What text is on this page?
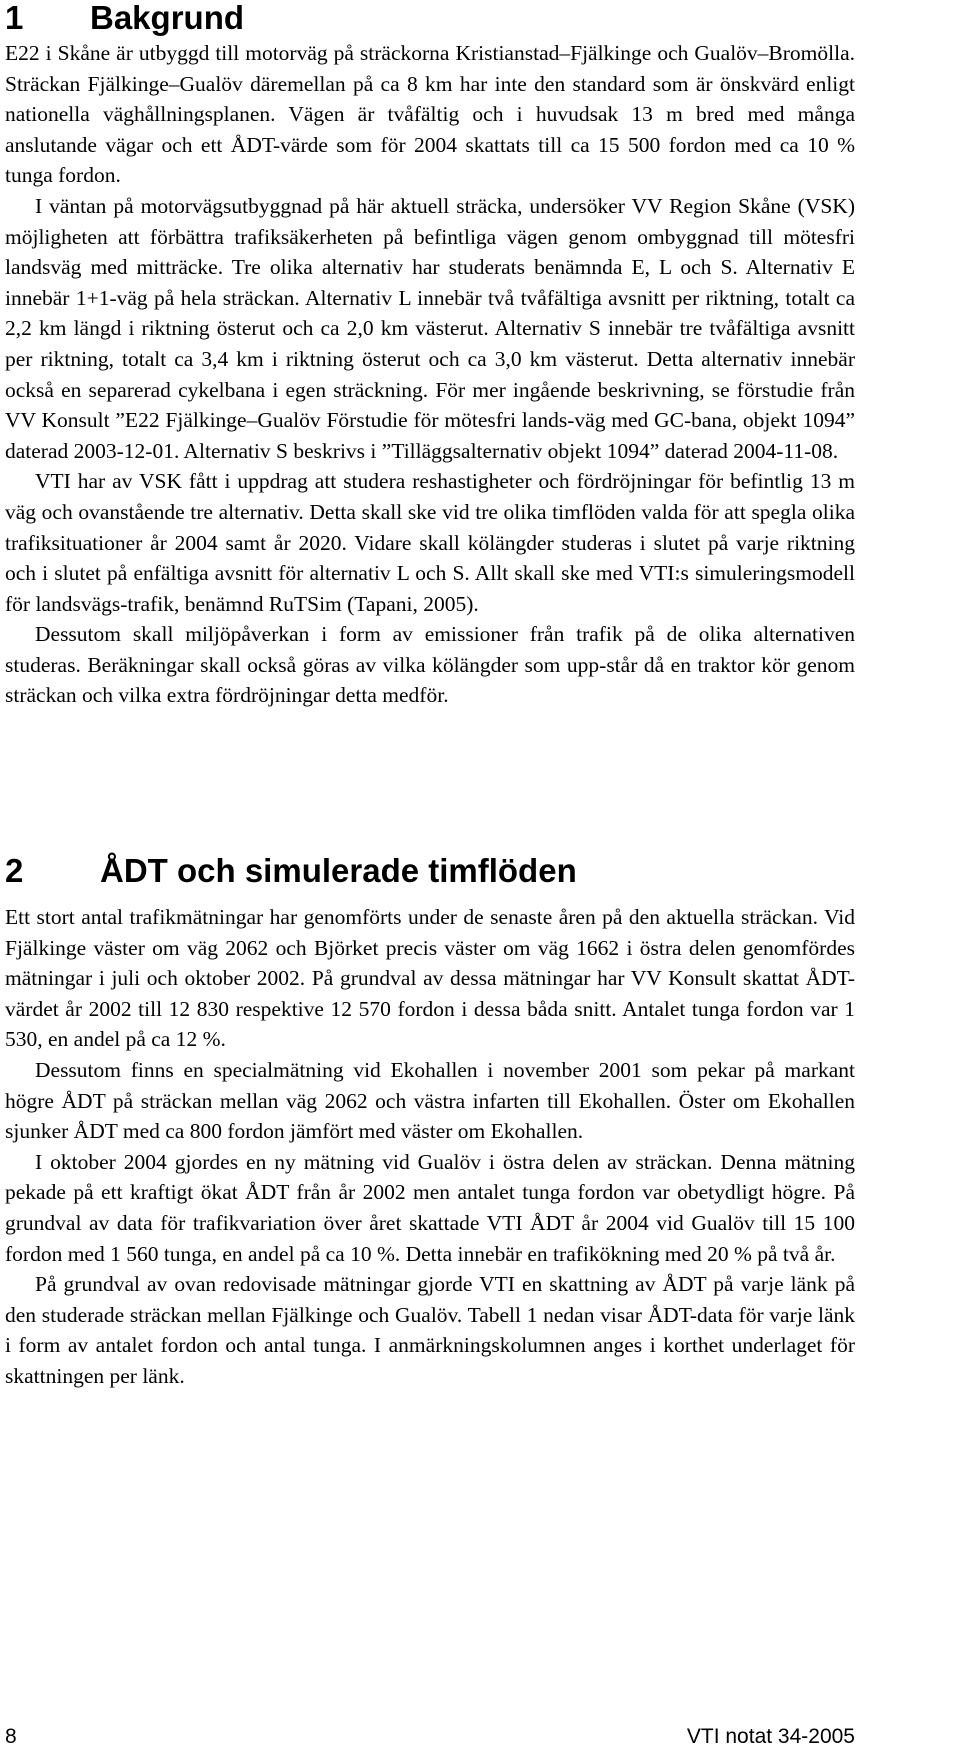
1	Bakgrund

E22 i Skåne är utbyggd till motorväg på sträckorna Kristianstad–Fjälkinge och Gualöv–Bromölla. Sträckan Fjälkinge–Gualöv däremellan på ca 8 km har inte den standard som är önskvärd enligt nationella väghållningsplanen. Vägen är tvåfältig och i huvudsak 13 m bred med många anslutande vägar och ett ÅDT-värde som för 2004 skattats till ca 15 500 fordon med ca 10 % tunga fordon.

I väntan på motorvägsutbyggnad på här aktuell sträcka, undersöker VV Region Skåne (VSK) möjligheten att förbättra trafiksäkerheten på befintliga vägen genom ombyggnad till mötesfri landsväg med mitträcke. Tre olika alternativ har studerats benämnda E, L och S. Alternativ E innebär 1+1-väg på hela sträckan. Alternativ L innebär två tvåfältiga avsnitt per riktning, totalt ca 2,2 km längd i riktning österut och ca 2,0 km västerut. Alternativ S innebär tre tvåfältiga avsnitt per riktning, totalt ca 3,4 km i riktning österut och ca 3,0 km västerut. Detta alternativ innebär också en separerad cykelbana i egen sträckning. För mer ingående beskrivning, se förstudie från VV Konsult ”E22 Fjälkinge–Gualöv Förstudie för mötesfri lands-väg med GC-bana, objekt 1094” daterad 2003-12-01. Alternativ S beskrivs i ”Tilläggsalternativ objekt 1094” daterad 2004-11-08.

VTI har av VSK fått i uppdrag att studera reshastigheter och fördröjningar för befintlig 13 m väg och ovanstående tre alternativ. Detta skall ske vid tre olika timflöden valda för att spegla olika trafiksituationer år 2004 samt år 2020. Vidare skall kölängder studeras i slutet på varje riktning och i slutet på enfältiga avsnitt för alternativ L och S. Allt skall ske med VTI:s simuleringsmodell för landsvägs-trafik, benämnd RuTSim (Tapani, 2005).

Dessutom skall miljöpåverkan i form av emissioner från trafik på de olika alternativen studeras. Beräkningar skall också göras av vilka kölängder som upp-står då en traktor kör genom sträckan och vilka extra fördröjningar detta medför.

2	ÅDT och simulerade timflöden

Ett stort antal trafikmätningar har genomförts under de senaste åren på den aktuella sträckan. Vid Fjälkinge väster om väg 2062 och Björket precis väster om väg 1662 i östra delen genomfördes mätningar i juli och oktober 2002. På grundval av dessa mätningar har VV Konsult skattat ÅDT-värdet år 2002 till 12 830 respektive 12 570 fordon i dessa båda snitt. Antalet tunga fordon var 1 530, en andel på ca 12 %.

Dessutom finns en specialmätning vid Ekohallen i november 2001 som pekar på markant högre ÅDT på sträckan mellan väg 2062 och västra infarten till Ekohallen. Öster om Ekohallen sjunker ÅDT med ca 800 fordon jämfört med väster om Ekohallen.

I oktober 2004 gjordes en ny mätning vid Gualöv i östra delen av sträckan. Denna mätning pekade på ett kraftigt ökat ÅDT från år 2002 men antalet tunga fordon var obetydligt högre. På grundval av data för trafikvariation över året skattade VTI ÅDT år 2004 vid Gualöv till 15 100 fordon med 1 560 tunga, en andel på ca 10 %. Detta innebär en trafikökning med 20 % på två år.

På grundval av ovan redovisade mätningar gjorde VTI en skattning av ÅDT på varje länk på den studerade sträckan mellan Fjälkinge och Gualöv. Tabell 1 nedan visar ÅDT-data för varje länk i form av antalet fordon och antal tunga. I anmärkningskolumnen anges i korthet underlaget för skattningen per länk.

8	VTI notat 34-2005
